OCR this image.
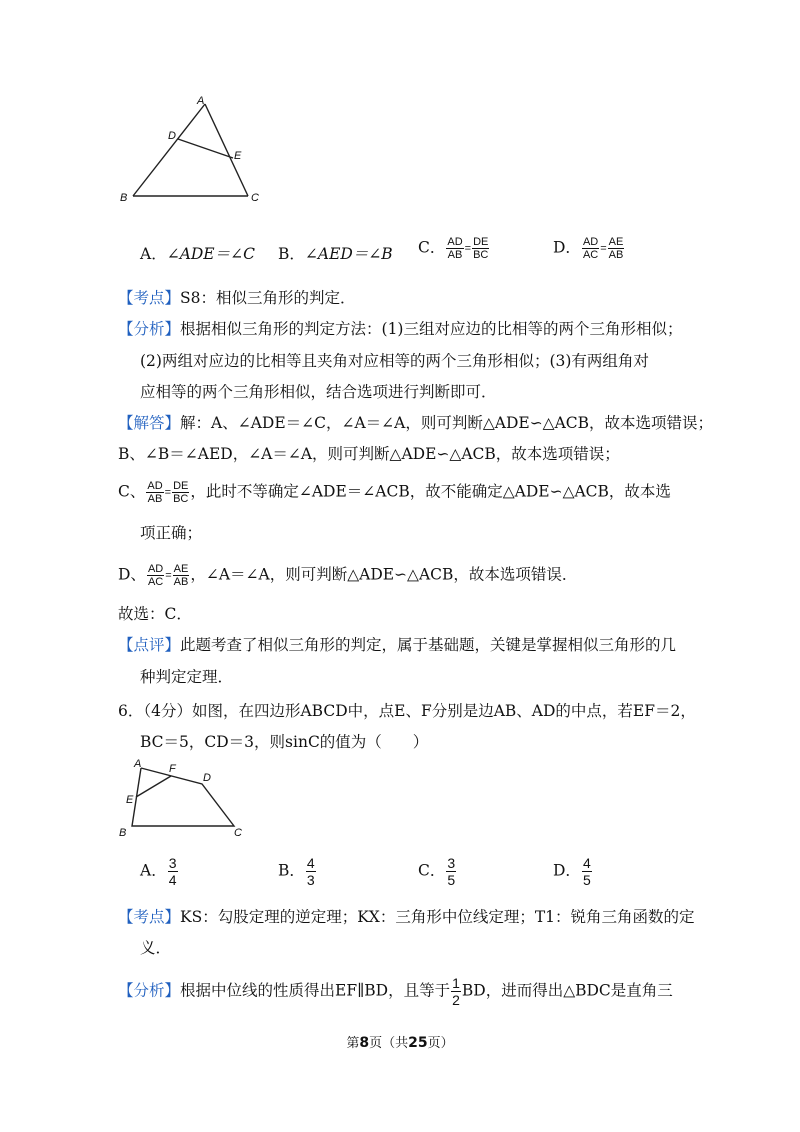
A
D
E
B	C
A．∠ADE＝∠C B．∠AED＝∠B C． $\frac{AD}{AB} = \frac{DE}{BC}$	D． $\frac{AD}{AC} = \frac{AE}{AB}$
【考点】S8：相似三角形的判定．
【分析】根据相似三角形的判定方法：(1)三组对应边的比相等的两个三角形相似；
(2)两组对应边的比相等且夹角对应相等的两个三角形相似；(3)有两组角对
应相等的两个三角形相似，结合选项进行判断即可．
【解答】解：A、∠ADE＝∠C，∠A＝∠A，则可判断△ADE∽△ACB，故本选项错误；
B、∠B＝∠AED，∠A＝∠A，则可判断△ADE∽△ACB，故本选项错误；
C、 $\frac{AD}{AB} = \frac{DE}{BC}$ ，此时不等确定∠ADE＝∠ACB，故不能确定△ADE∽△ACB，故本选
项正确；
D、 $\frac{AD}{AC} = \frac{AE}{AB}$ ，∠A＝∠A，则可判断△ADE∽△ACB，故本选项错误．
故选：C．
【点评】此题考查了相似三角形的判定，属于基础题，关键是掌握相似三角形的几
种判定定理．
6．（4分）如图，在四边形ABCD中，点E、F分别是边AB、AD的中点，若EF＝2，
BC＝5，CD＝3，则sinC的值为（　　）
A	F
D
E
B	C
A． $\frac{3}{4}$	B． $\frac{4}{3}$	C． $\frac{3}{5}$	D． $\frac{4}{5}$
【考点】KS：勾股定理的逆定理；KX：三角形中位线定理；T1：锐角三角函数的定
义．
【分析】根据中位线的性质得出EF∥BD，且等于 $\frac{1}{2}$ BD，进而得出△BDC是直角三
第8页（共25页）
